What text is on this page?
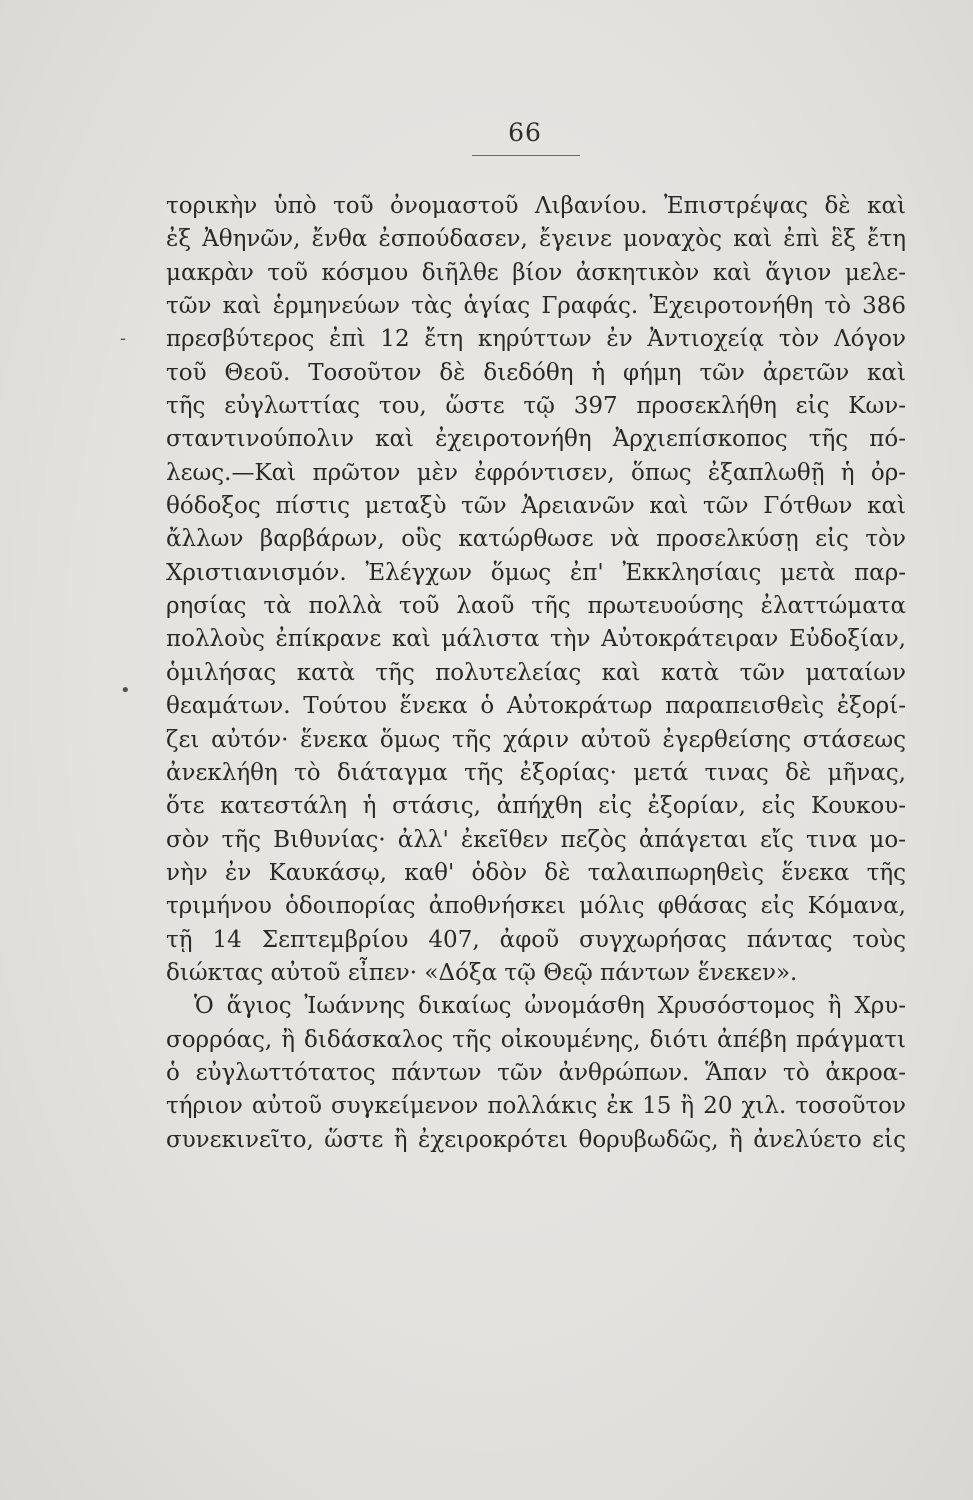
66
-
•
τορικὴν ὑπὸ τοῦ ὀνομαστοῦ Λιβανίου. Ἐπιστρέψας δὲ καὶ
ἐξ Ἀθηνῶν, ἔνθα ἐσπούδασεν, ἔγεινε μοναχὸς καὶ ἐπὶ ἓξ ἔτη
μακρὰν τοῦ κόσμου διῆλθε βίον ἀσκητικὸν καὶ ἅγιον μελε-
τῶν καὶ ἑρμηνεύων τὰς ἁγίας Γραφάς. Ἐχειροτονήθη τὸ 386
πρεσβύτερος ἐπὶ 12 ἔτη κηρύττων ἐν Ἀντιοχείᾳ τὸν Λόγον
τοῦ Θεοῦ. Τοσοῦτον δὲ διεδόθη ἡ φήμη τῶν ἀρετῶν καὶ
τῆς εὐγλωττίας του, ὥστε τῷ 397 προσεκλήθη εἰς Κων-
σταντινούπολιν καὶ ἐχειροτονήθη Ἀρχιεπίσκοπος τῆς πό-
λεως.—Καὶ πρῶτον μὲν ἐφρόντισεν, ὅπως ἐξαπλωθῇ ἡ ὀρ-
θόδοξος πίστις μεταξὺ τῶν Ἀρειανῶν καὶ τῶν Γότθων καὶ
ἄλλων βαρβάρων, οὓς κατώρθωσε νὰ προσελκύσῃ εἰς τὸν
Χριστιανισμόν. Ἐλέγχων ὅμως ἐπ' Ἐκκλησίαις μετὰ παρ-
ρησίας τὰ πολλὰ τοῦ λαοῦ τῆς πρωτευούσης ἐλαττώματα
πολλοὺς ἐπίκρανε καὶ μάλιστα τὴν Αὐτοκράτειραν Εὐδοξίαν,
ὁμιλήσας κατὰ τῆς πολυτελείας καὶ κατὰ τῶν ματαίων
θεαμάτων. Τούτου ἕνεκα ὁ Αὐτοκράτωρ παραπεισθεὶς ἐξορί-
ζει αὐτόν· ἕνεκα ὅμως τῆς χάριν αὐτοῦ ἐγερθείσης στάσεως
ἀνεκλήθη τὸ διάταγμα τῆς ἐξορίας· μετά τινας δὲ μῆνας,
ὅτε κατεστάλη ἡ στάσις, ἀπήχθη εἰς ἐξορίαν, εἰς Κουκου-
σὸν τῆς Βιθυνίας· ἀλλ' ἐκεῖθεν πεζὸς ἀπάγεται εἴς τινα μο-
νὴν ἐν Καυκάσῳ, καθ' ὁδὸν δὲ ταλαιπωρηθεὶς ἕνεκα τῆς
τριμήνου ὁδοιπορίας ἀποθνήσκει μόλις φθάσας εἰς Κόμανα,
τῇ 14 Σεπτεμβρίου 407, ἀφοῦ συγχωρήσας πάντας τοὺς
διώκτας αὐτοῦ εἶπεν· «Δόξα τῷ Θεῷ πάντων ἕνεκεν».
Ὁ ἅγιος Ἰωάννης δικαίως ὠνομάσθη Χρυσόστομος ἢ Χρυ-
σορρόας, ἢ διδάσκαλος τῆς οἰκουμένης, διότι ἀπέβη πράγματι
ὁ εὐγλωττότατος πάντων τῶν ἀνθρώπων. Ἅπαν τὸ ἀκροα-
τήριον αὐτοῦ συγκείμενον πολλάκις ἐκ 15 ἢ 20 χιλ. τοσοῦτον
συνεκινεῖτο, ὥστε ἢ ἐχειροκρότει θορυβωδῶς, ἢ ἀνελύετο εἰς
